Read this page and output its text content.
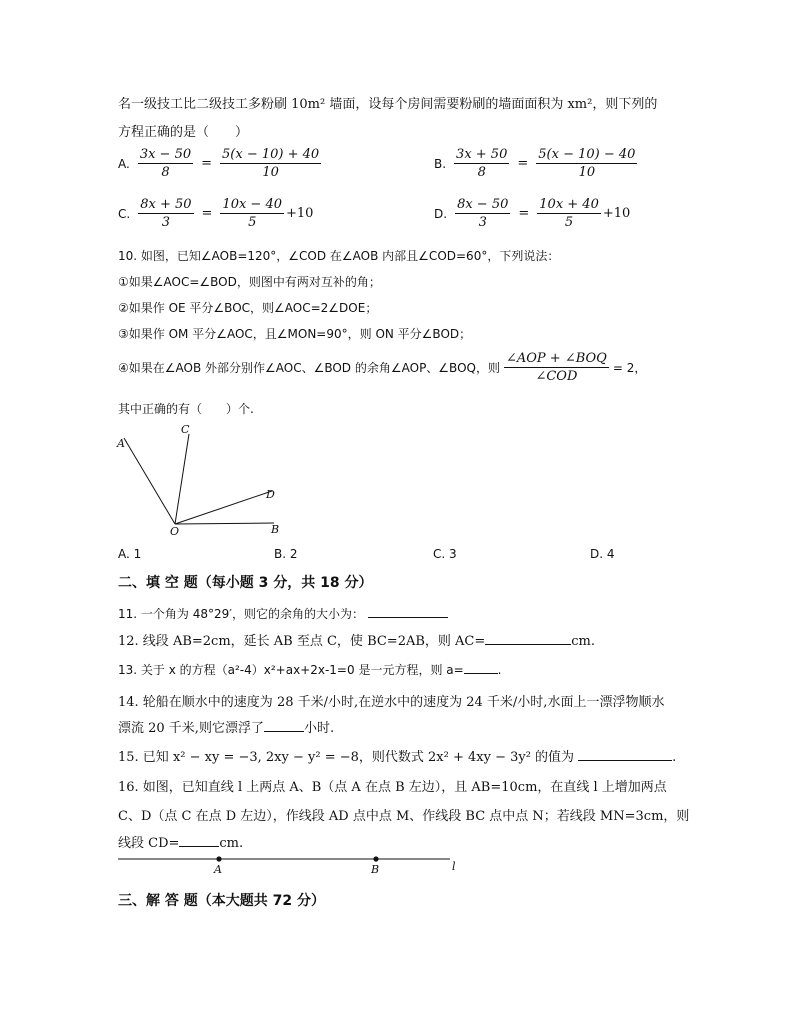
名一级技工比二级技工多粉刷 10m² 墙面，设每个房间需要粉刷的墙面面积为 xm²，则下列的
方程正确的是（　　）
A. $\frac{3x - 50}{8} = \frac{5(x - 10) + 40}{10}$	B. $\frac{3x + 50}{8} = \frac{5(x - 10) - 40}{10}$
C. $\frac{8x + 50}{3} = \frac{10x - 40}{5} +10$	D. $\frac{8x - 50}{3} = \frac{10x + 40}{5} +10$
10. 如图，已知∠AOB=120°，∠COD 在∠AOB 内部且∠COD=60°，下列说法：
①如果∠AOC=∠BOD，则图中有两对互补的角；
②如果作 OE 平分∠BOC，则∠AOC=2∠DOE；
③如果作 OM 平分∠AOC，且∠MON=90°，则 ON 平分∠BOD；
④如果在∠AOB 外部分别作∠AOC、∠BOD 的余角∠AOP、∠BOQ，则 $\frac{\text{∠AOP + ∠BOQ}}{\text{∠COD}} = 2$，
其中正确的有（　　）个.
A
C
D
B
O
A. 1	B. 2	C. 3	D. 4
二、填 空 题（每小题 3 分，共 18 分）
11. 一个角为 48°29′，则它的余角的大小为：
12. 线段 AB=2cm，延长 AB 至点 C，使 BC=2AB，则 AC=	cm.
13. 关于 x 的方程（a²-4）x²+ax+2x-1=0 是一元方程，则 a=	.
14. 轮船在顺水中的速度为 28 千米/小时,在逆水中的速度为 24 千米/小时,水面上一漂浮物顺水
漂流 20 千米,则它漂浮了	小时.
15. 已知 x² − xy = −3, 2xy − y² = −8，则代数式 2x² + 4xy − 3y² 的值为	.
16. 如图，已知直线 l 上两点 A、B（点 A 在点 B 左边），且 AB=10cm，在直线 l 上增加两点
C、D（点 C 在点 D 左边），作线段 AD 点中点 M、作线段 BC 点中点 N；若线段 MN=3cm，则
线段 CD=	cm.
A	B	l
三、解 答 题（本大题共 72 分）
